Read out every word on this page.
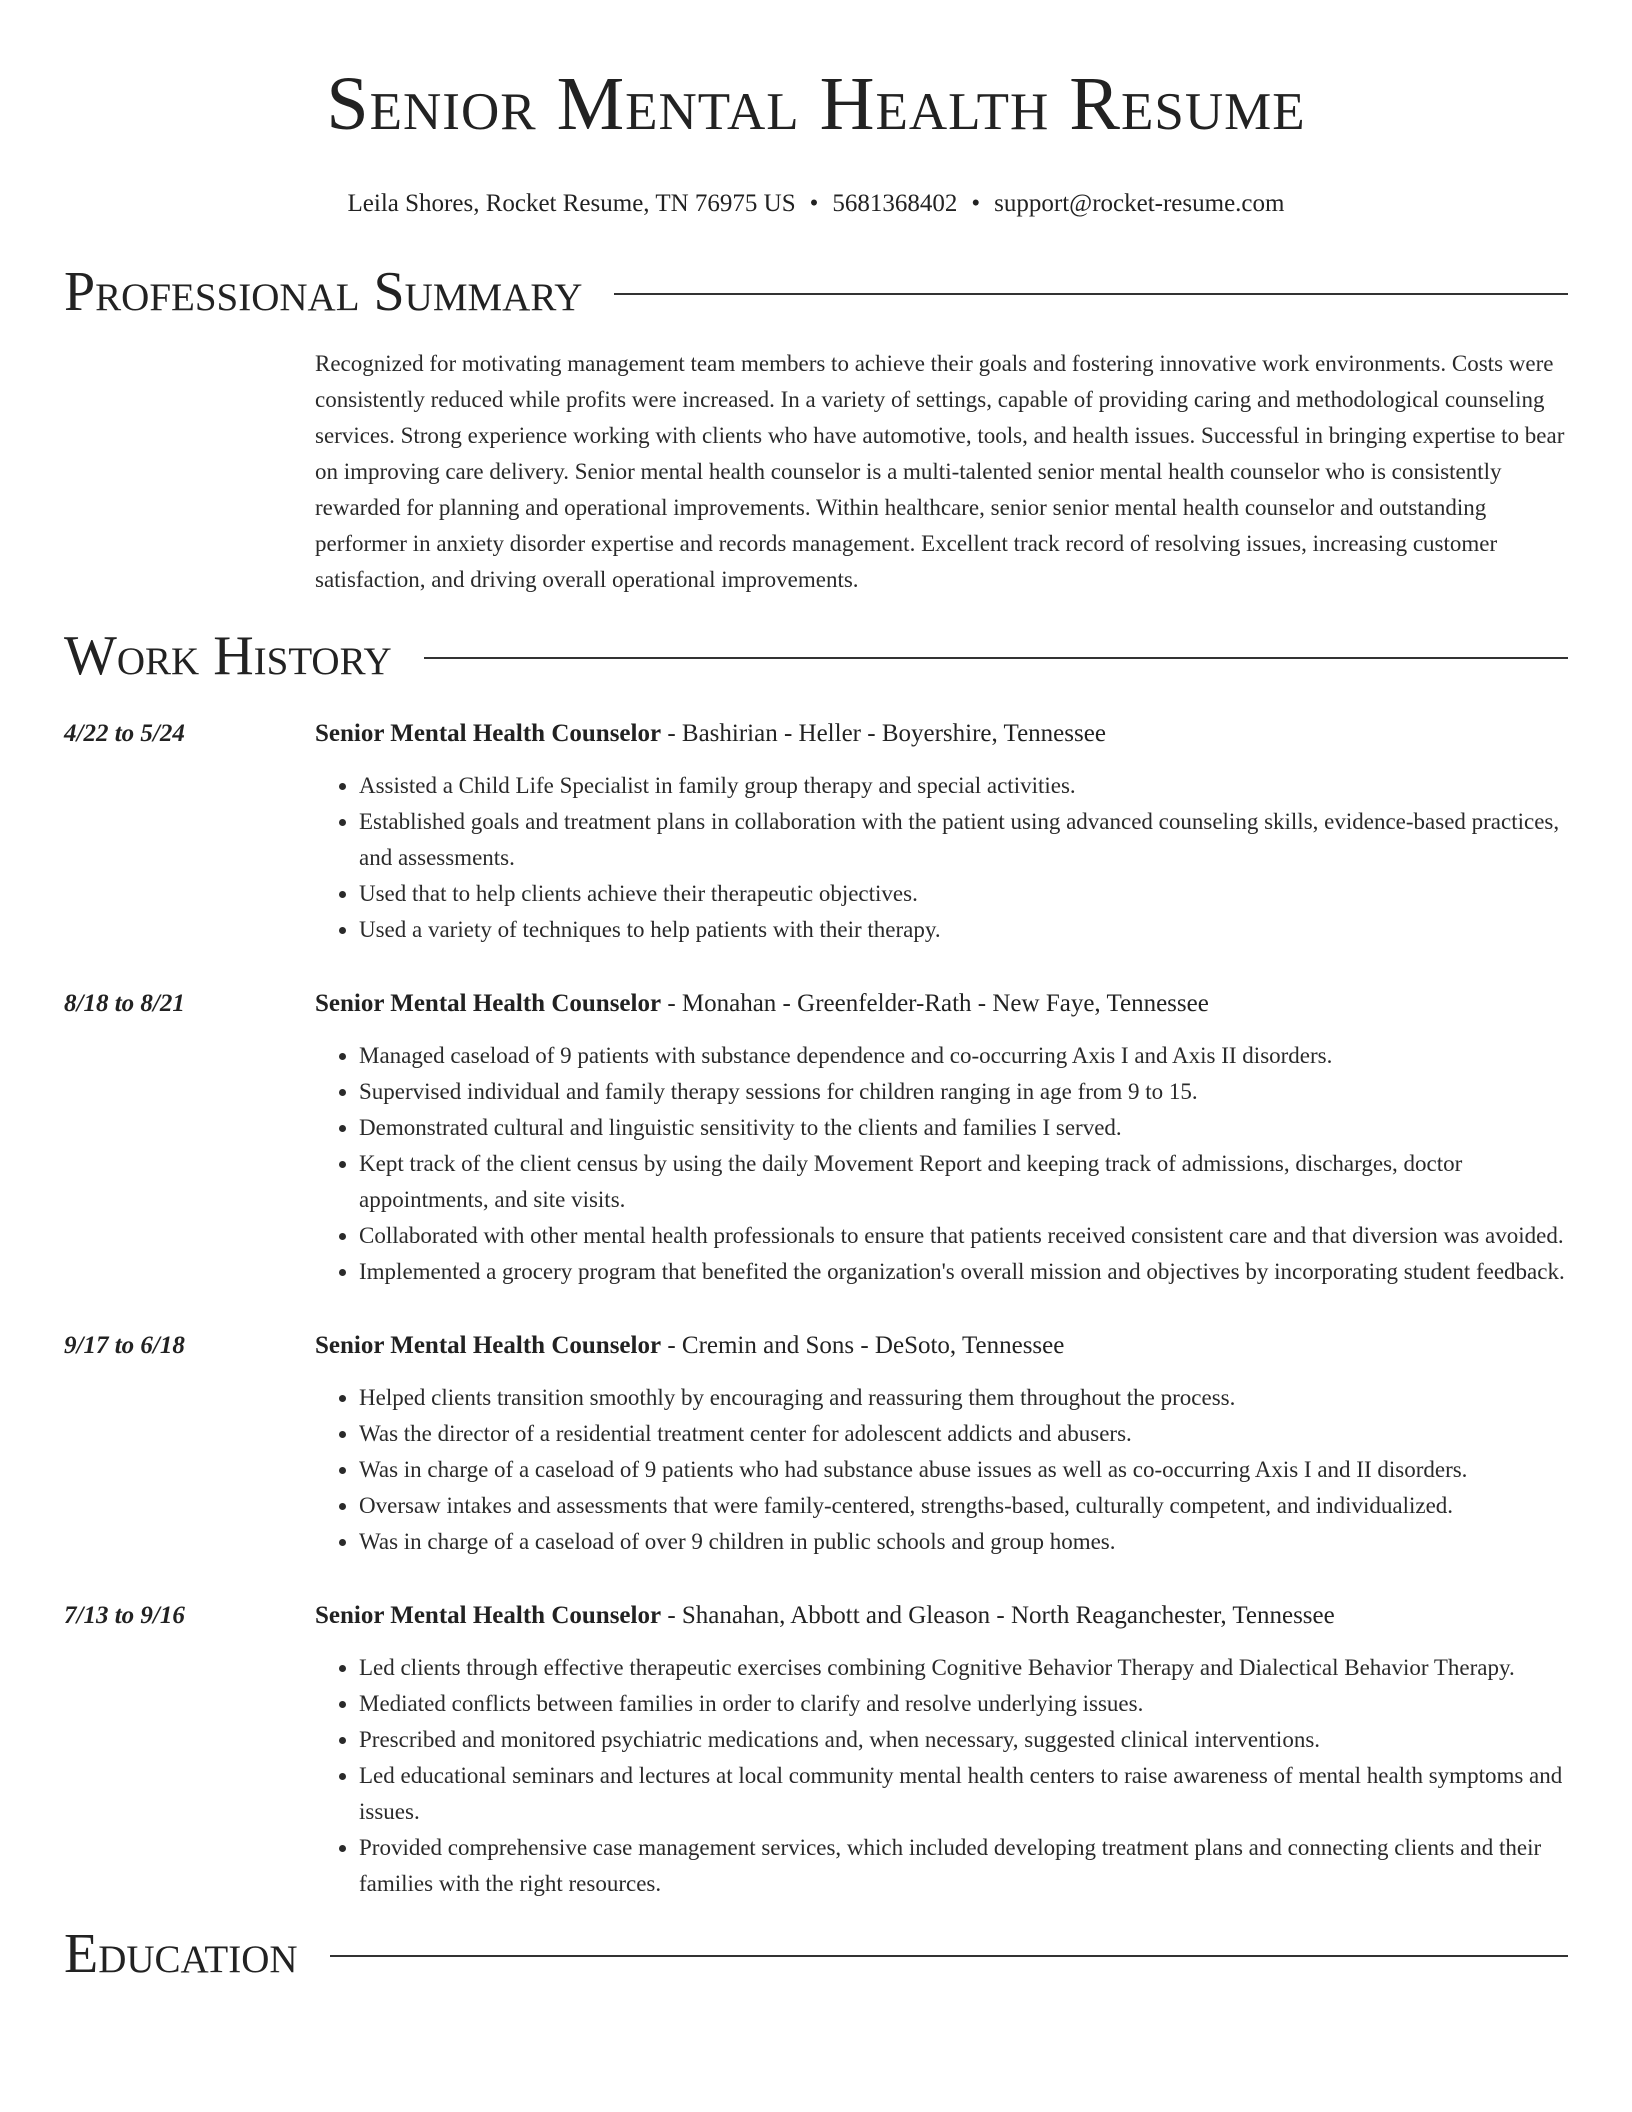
Senior Mental Health Resume
Leila Shores, Rocket Resume, TN 76975 US • 5681368402 • support@rocket-resume.com
Professional Summary

Recognized for motivating management team members to achieve their goals and fostering innovative work environments. Costs were consistently reduced while profits were increased. In a variety of settings, capable of providing caring and methodological counseling services. Strong experience working with clients who have automotive, tools, and health issues. Successful in bringing expertise to bear on improving care delivery. Senior mental health counselor is a multi-talented senior mental health counselor who is consistently rewarded for planning and operational improvements. Within healthcare, senior senior mental health counselor and outstanding performer in anxiety disorder expertise and records management. Excellent track record of resolving issues, increasing customer satisfaction, and driving overall operational improvements.

Work History
4/22 to 5/24	Senior Mental Health Counselor - Bashirian - Heller - Boyershire, Tennessee
• Assisted a Child Life Specialist in family group therapy and special activities.
• Established goals and treatment plans in collaboration with the patient using advanced counseling skills, evidence-based practices, and assessments.
• Used that to help clients achieve their therapeutic objectives.
• Used a variety of techniques to help patients with their therapy.
8/18 to 8/21	Senior Mental Health Counselor - Monahan - Greenfelder-Rath - New Faye, Tennessee
• Managed caseload of 9 patients with substance dependence and co-occurring Axis I and Axis II disorders.
• Supervised individual and family therapy sessions for children ranging in age from 9 to 15.
• Demonstrated cultural and linguistic sensitivity to the clients and families I served.
• Kept track of the client census by using the daily Movement Report and keeping track of admissions, discharges, doctor appointments, and site visits.
• Collaborated with other mental health professionals to ensure that patients received consistent care and that diversion was avoided.
• Implemented a grocery program that benefited the organization's overall mission and objectives by incorporating student feedback.
9/17 to 6/18	Senior Mental Health Counselor - Cremin and Sons - DeSoto, Tennessee
• Helped clients transition smoothly by encouraging and reassuring them throughout the process.
• Was the director of a residential treatment center for adolescent addicts and abusers.
• Was in charge of a caseload of 9 patients who had substance abuse issues as well as co-occurring Axis I and II disorders.
• Oversaw intakes and assessments that were family-centered, strengths-based, culturally competent, and individualized.
• Was in charge of a caseload of over 9 children in public schools and group homes.
7/13 to 9/16	Senior Mental Health Counselor - Shanahan, Abbott and Gleason - North Reaganchester, Tennessee
• Led clients through effective therapeutic exercises combining Cognitive Behavior Therapy and Dialectical Behavior Therapy.
• Mediated conflicts between families in order to clarify and resolve underlying issues.
• Prescribed and monitored psychiatric medications and, when necessary, suggested clinical interventions.
• Led educational seminars and lectures at local community mental health centers to raise awareness of mental health symptoms and issues.
• Provided comprehensive case management services, which included developing treatment plans and connecting clients and their families with the right resources.
Education
